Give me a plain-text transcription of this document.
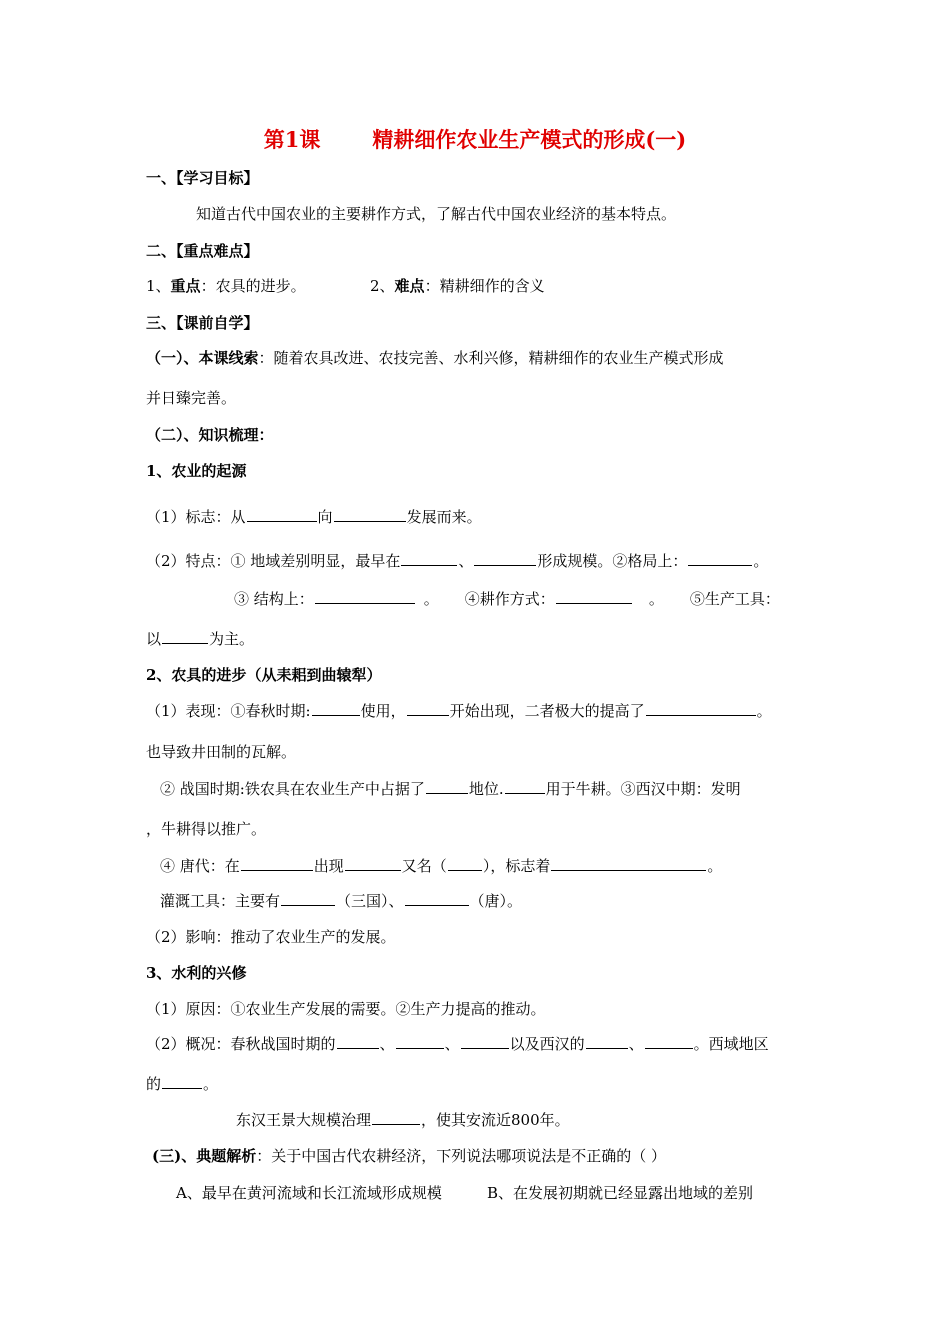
第1课 精耕细作农业生产模式的形成(一)
一、【学习目标】
知道古代中国农业的主要耕作方式，了解古代中国农业经济的基本特点。
二、【重点难点】
1、重点：农具的进步。	2、难点：精耕细作的含义
三、【课前自学】
（一）、本课线索：随着农具改进、农技完善、水利兴修，精耕细作的农业生产模式形成
并日臻完善。
（二）、知识梳理：
1、农业的起源
（1）标志：从	向	发展而来。
（2）特点：① 地域差别明显，最早在	、	形成规模。②格局上：	。
③ 结构上：	。 ④耕作方式：	。 ⑤生产工具：
以	为主。
2、农具的进步（从耒耜到曲辕犁）
（1）表现：①春秋时期:	使用，	开始出现，二者极大的提高了	。
也导致井田制的瓦解。
② 战国时期:铁农具在农业生产中占据了	地位.	用于牛耕。③西汉中期：发明
，牛耕得以推广。
④ 唐代：在	出现	又名（ ），标志着	。
灌溉工具：主要有	（三国）、	（唐）。
（2）影响：推动了农业生产的发展。
3、水利的兴修
（1）原因：①农业生产发展的需要。②生产力提高的推动。
（2）概况：春秋战国时期的	、	、	以及西汉的	、	。西域地区
的	。
东汉王景大规模治理	，使其安流近800年。
(三)、典题解析：关于中国古代农耕经济，下列说法哪项说法是不正确的（ ）
A、最早在黄河流域和长江流域形成规模	B、在发展初期就已经显露出地域的差别
